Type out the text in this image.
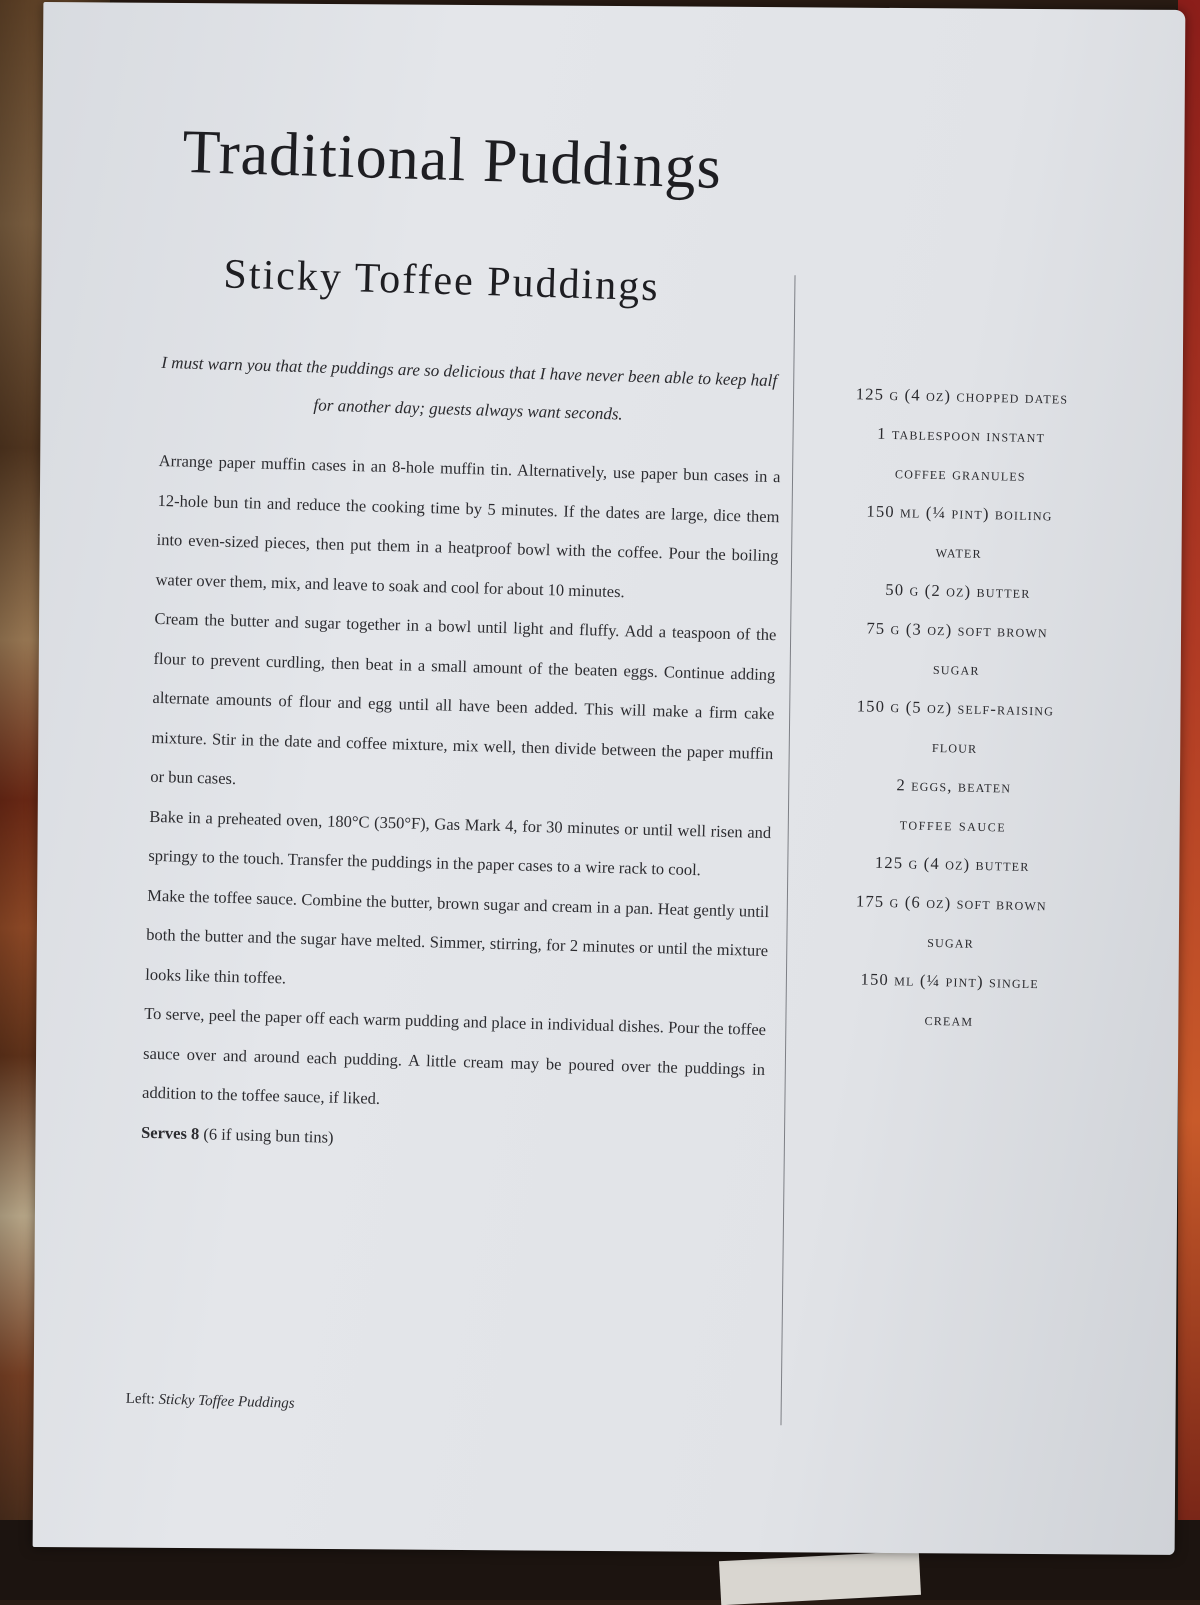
Traditional Puddings
Sticky Toffee Puddings

I must warn you that the puddings are so delicious that I have never been able to keep half for another day; guests always want seconds.

Arrange paper muffin cases in an 8-hole muffin tin. Alternatively, use paper bun cases in a 12-hole bun tin and reduce the cooking time by 5 minutes. If the dates are large, dice them into even-sized pieces, then put them in a heatproof bowl with the coffee. Pour the boiling water over them, mix, and leave to soak and cool for about 10 minutes.

Cream the butter and sugar together in a bowl until light and fluffy. Add a teaspoon of the flour to prevent curdling, then beat in a small amount of the beaten eggs. Continue adding alternate amounts of flour and egg until all have been added. This will make a firm cake mixture. Stir in the date and coffee mixture, mix well, then divide between the paper muffin or bun cases.

Bake in a preheated oven, 180°C (350°F), Gas Mark 4, for 30 minutes or until well risen and springy to the touch. Transfer the puddings in the paper cases to a wire rack to cool.

Make the toffee sauce. Combine the butter, brown sugar and cream in a pan. Heat gently until both the butter and the sugar have melted. Simmer, stirring, for 2 minutes or until the mixture looks like thin toffee.

To serve, peel the paper off each warm pudding and place in individual dishes. Pour the toffee sauce over and around each pudding. A little cream may be poured over the puddings in addition to the toffee sauce, if liked.

Serves 8 (6 if using bun tins)

Left: Sticky Toffee Puddings

125 g (4 oz) chopped dates
1 tablespoon instant
coffee granules
150 ml (¼ pint) boiling
water
50 g (2 oz) butter
75 g (3 oz) soft brown
sugar
150 g (5 oz) self-raising
flour
2 eggs, beaten
toffee sauce
125 g (4 oz) butter
175 g (6 oz) soft brown
sugar
150 ml (¼ pint) single
cream
